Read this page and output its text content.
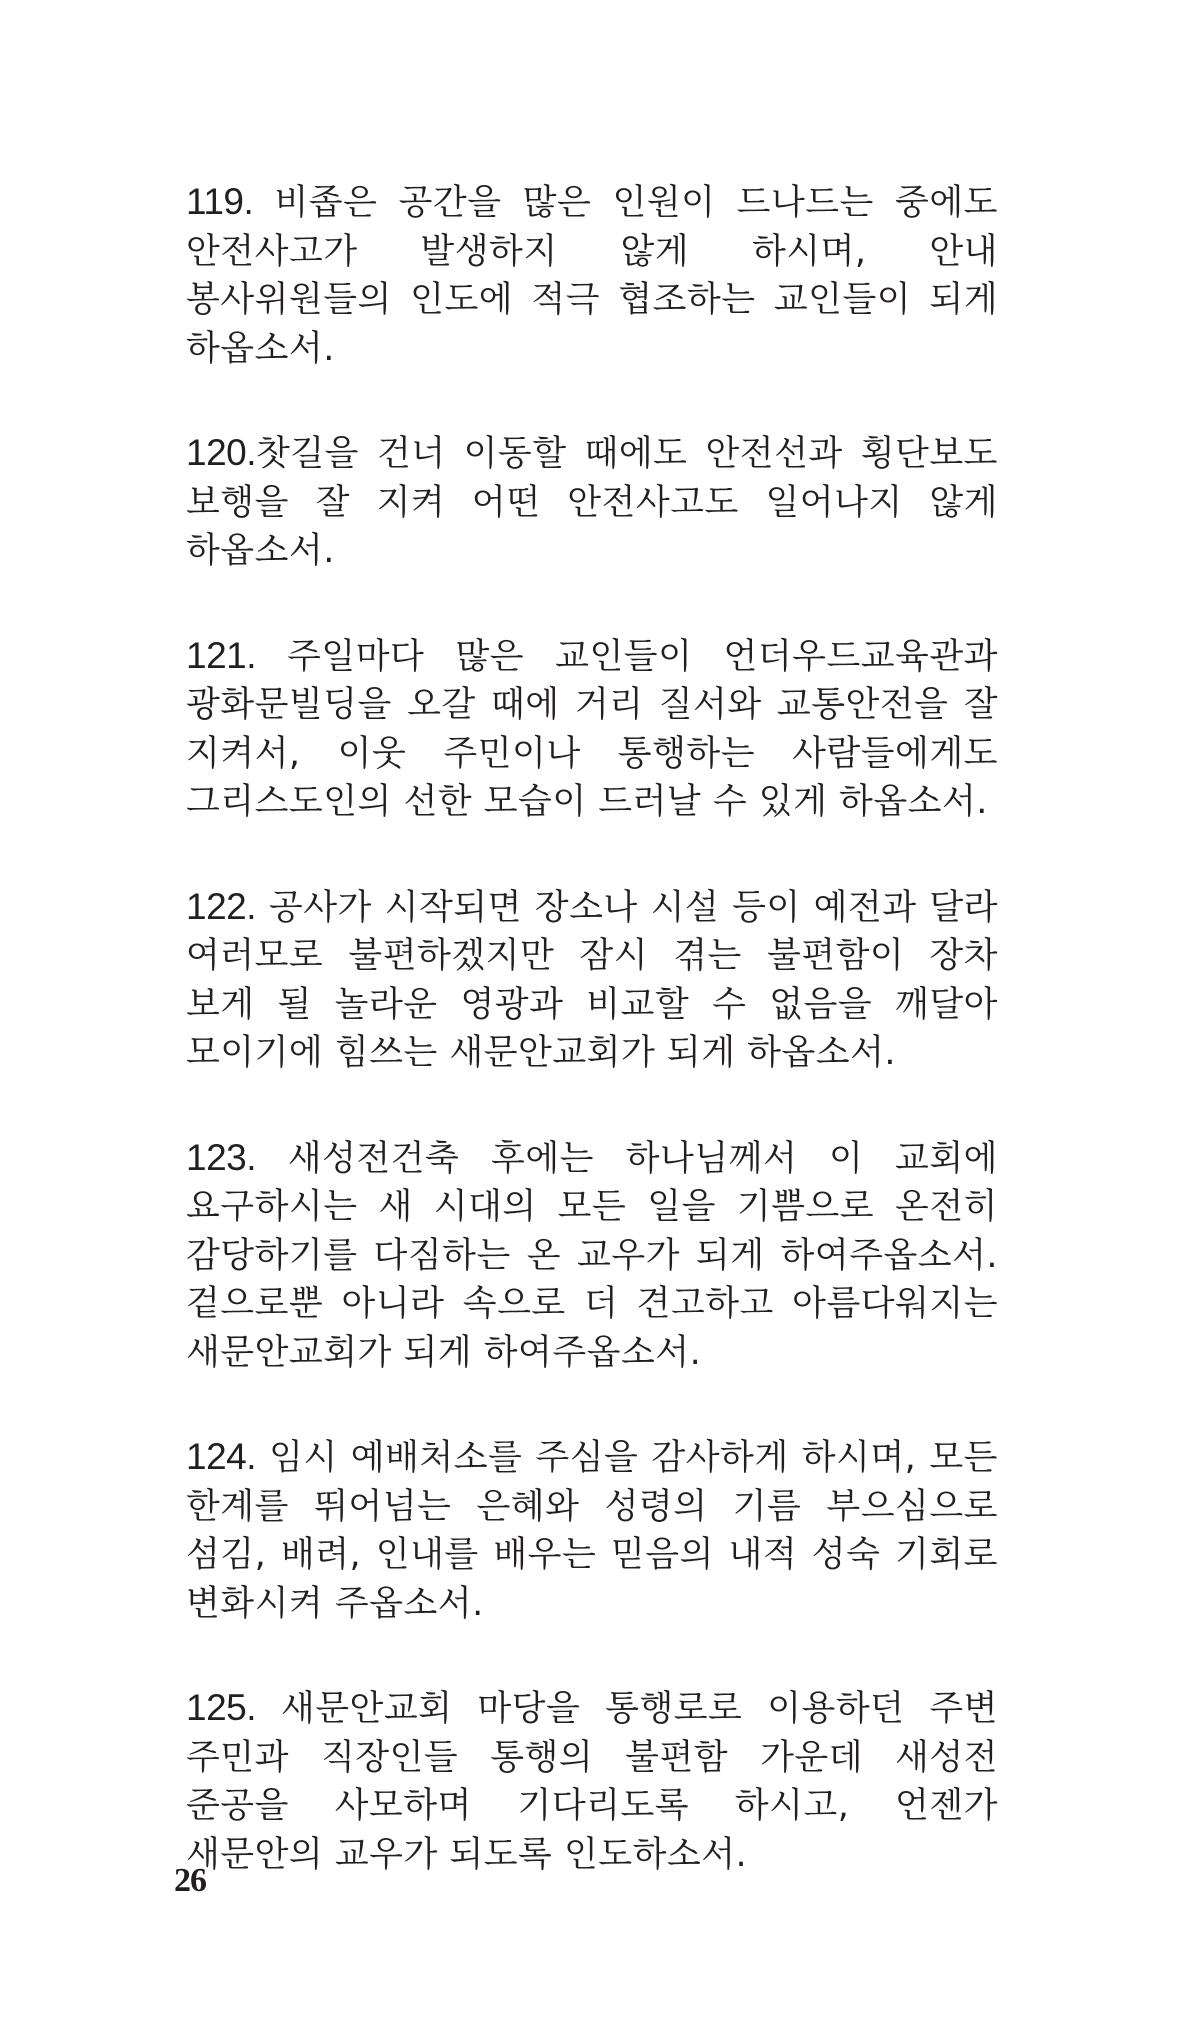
119. 비좁은 공간을 많은 인원이 드나드는 중에도 안전사고가 발생하지 않게 하시며, 안내 봉사위원들의 인도에 적극 협조하는 교인들이 되게 하옵소서.

120.찻길을 건너 이동할 때에도 안전선과 횡단보도 보행을 잘 지켜 어떤 안전사고도 일어나지 않게 하옵소서.

121. 주일마다 많은 교인들이 언더우드교육관과 광화문빌딩을 오갈 때에 거리 질서와 교통안전을 잘 지켜서, 이웃 주민이나 통행하는 사람들에게도 그리스도인의 선한 모습이 드러날 수 있게 하옵소서.

122. 공사가 시작되면 장소나 시설 등이 예전과 달라 여러모로 불편하겠지만 잠시 겪는 불편함이 장차 보게 될 놀라운 영광과 비교할 수 없음을 깨달아 모이기에 힘쓰는 새문안교회가 되게 하옵소서.

123. 새성전건축 후에는 하나님께서 이 교회에 요구하시는 새 시대의 모든 일을 기쁨으로 온전히 감당하기를 다짐하는 온 교우가 되게 하여주옵소서. 겉으로뿐 아니라 속으로 더 견고하고 아름다워지는 새문안교회가 되게 하여주옵소서.

124. 임시 예배처소를 주심을 감사하게 하시며, 모든 한계를 뛰어넘는 은혜와 성령의 기름 부으심으로 섬김, 배려, 인내를 배우는 믿음의 내적 성숙 기회로 변화시켜 주옵소서.

125. 새문안교회 마당을 통행로로 이용하던 주변 주민과 직장인들 통행의 불편함 가운데 새성전 준공을 사모하며 기다리도록 하시고, 언젠가 새문안의 교우가 되도록 인도하소서.

26
